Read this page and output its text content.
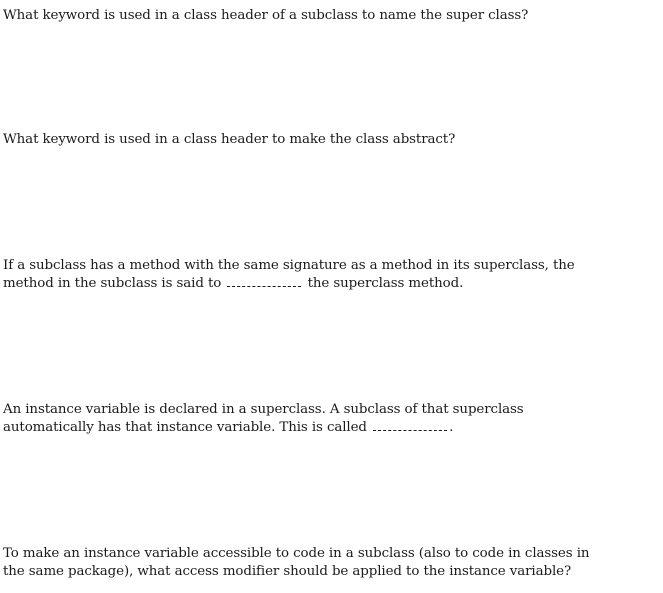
What keyword is used in a class header of a subclass to name the super class?

What keyword is used in a class header to make the class abstract?

If a subclass has a method with the same signature as a method in its superclass, the method in the subclass is said to	the superclass method.

An instance variable is declared in a superclass. A subclass of that superclass automatically has that instance variable. This is called	.

To make an instance variable accessible to code in a subclass (also to code in classes in the same package), what access modifier should be applied to the instance variable?
